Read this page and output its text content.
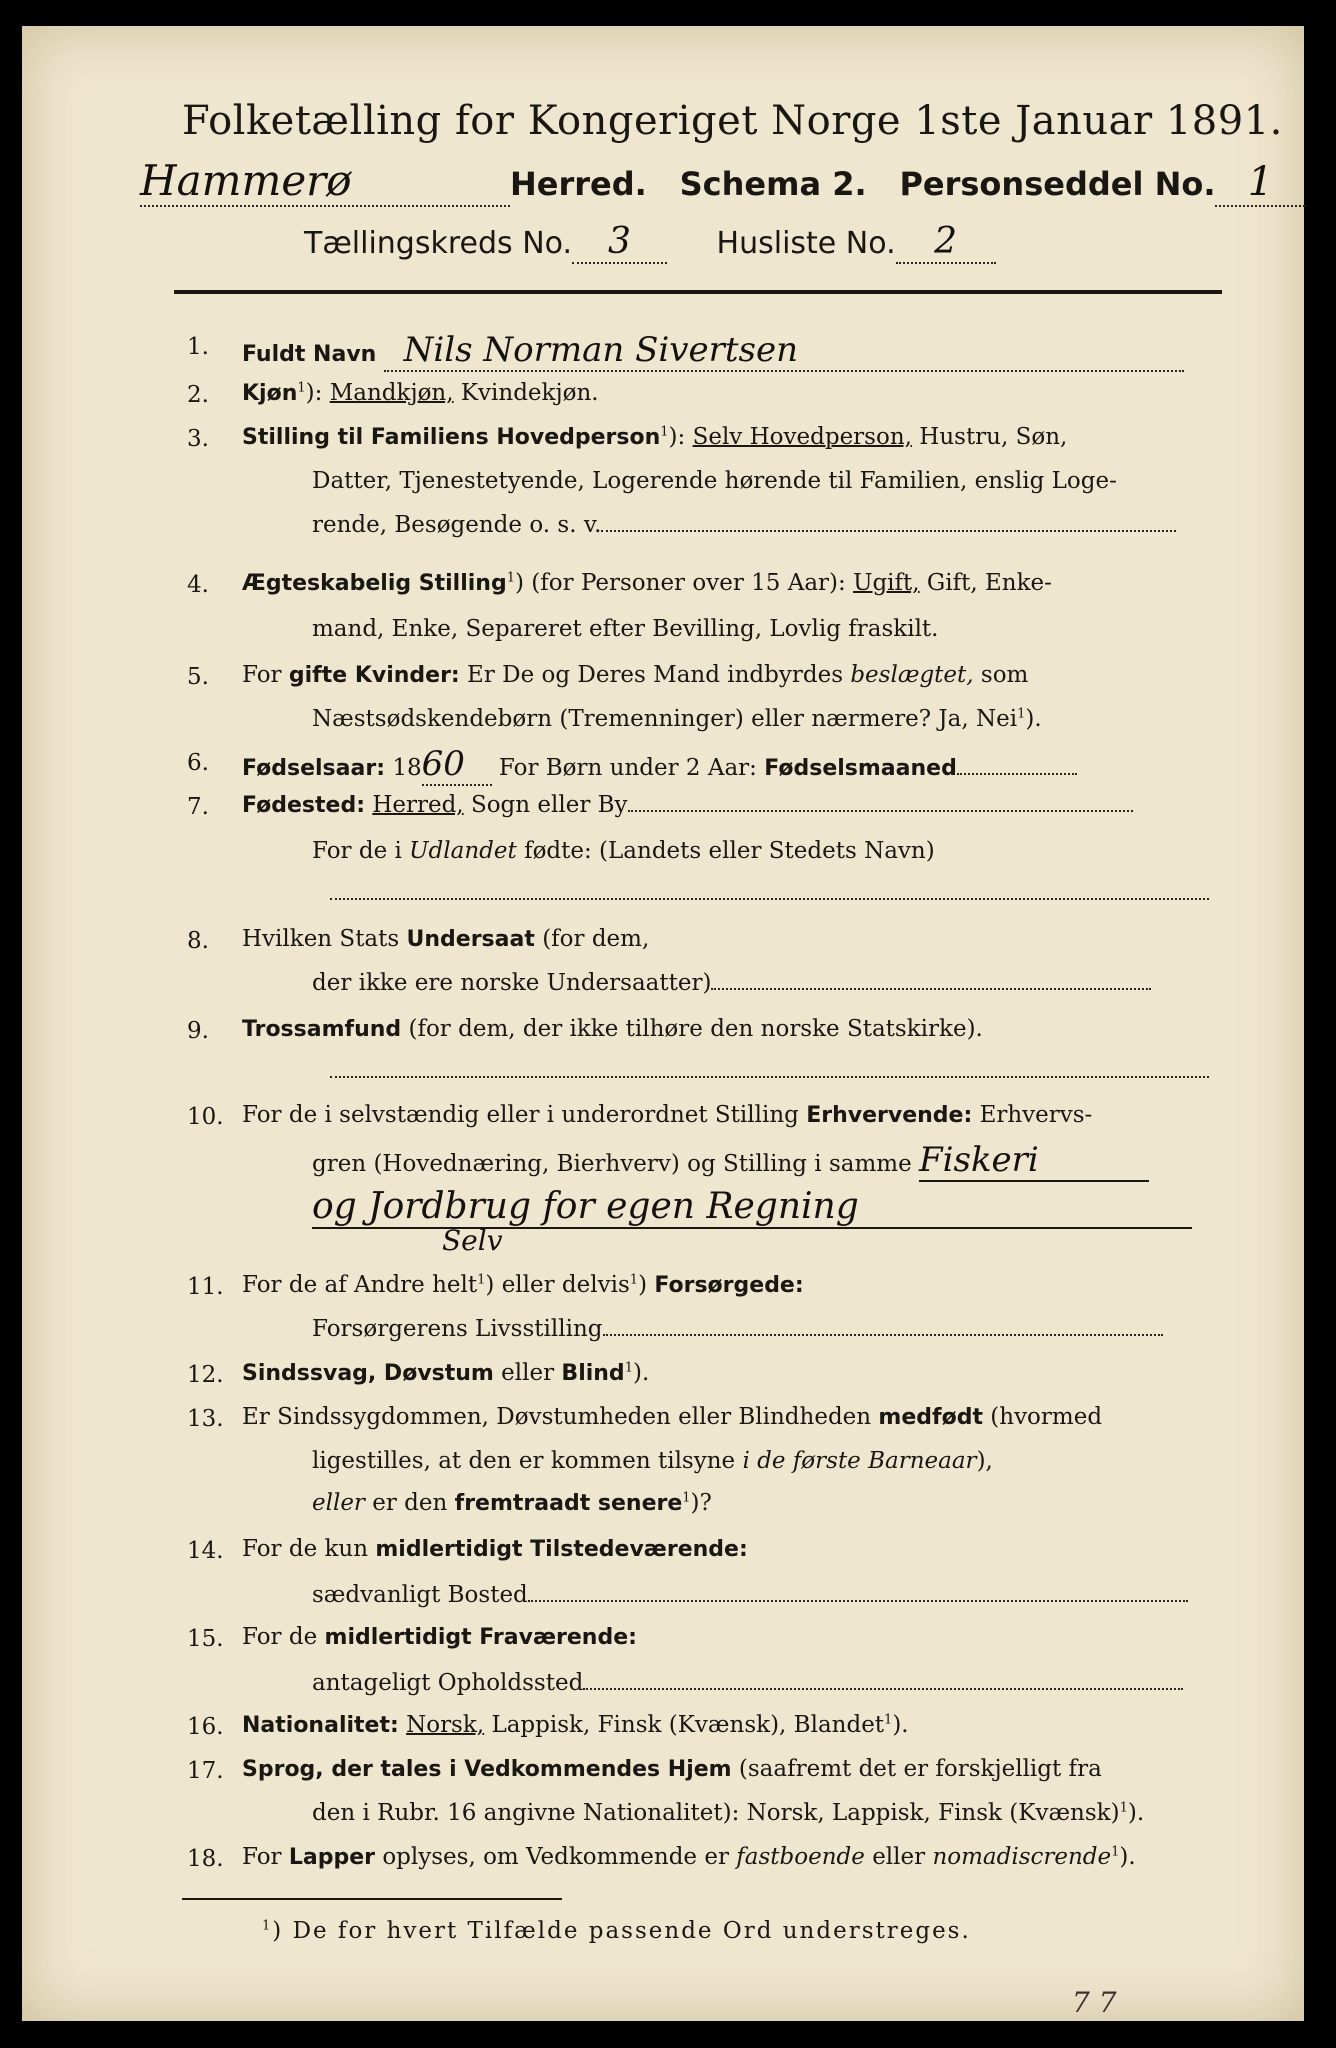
Folketælling for Kongeriget Norge 1ste Januar 1891.
Hammerø	Herred. Schema 2. Personseddel No. 1
Tællingskreds No. 3	Husliste No. 2
1. Fuldt Navn Nils Norman Sivertsen
2. Kjøn$^1$): Mandkjøn, Kvindekjøn.
3. Stilling til Familiens Hovedperson$^1$): Selv Hovedperson, Hustru, Søn,
Datter, Tjenestetyende, Logerende hørende til Familien, enslig Loge-
rende, Besøgende o. s. v.
4. Ægteskabelig Stilling$^1$) (for Personer over 15 Aar): Ugift, Gift, Enke-
mand, Enke, Separeret efter Bevilling, Lovlig fraskilt.
5. For gifte Kvinder: Er De og Deres Mand indbyrdes beslægtet, som
Næstsødskendebørn (Tremenninger) eller nærmere? Ja, Nei$^1$).
6. Fødselsaar: 1860 For Børn under 2 Aar: Fødselsmaaned
7. Fødested: Herred, Sogn eller By
For de i Udlandet fødte: (Landets eller Stedets Navn)
8. Hvilken Stats Undersaat (for dem,
der ikke ere norske Undersaatter)
9. Trossamfund (for dem, der ikke tilhøre den norske Statskirke).
10. For de i selvstændig eller i underordnet Stilling Erhvervende: Erhvervs-
gren (Hovednæring, Bierhverv) og Stilling i samme Fiskeri
og Jordbrug for egen Regning
Selv
11. For de af Andre helt$^1$) eller delvis$^1$) Forsørgede:
Forsørgerens Livsstilling
12. Sindssvag, Døvstum eller Blind$^1$).
13. Er Sindssygdommen, Døvstumheden eller Blindheden medfødt (hvormed
ligestilles, at den er kommen tilsyne i de første Barneaar),
eller er den fremtraadt senere$^1$)?
14. For de kun midlertidigt Tilstedeværende:
sædvanligt Bosted
15. For de midlertidigt Fraværende:
antageligt Opholdssted
16. Nationalitet: Norsk, Lappisk, Finsk (Kvænsk), Blandet$^1$).
17. Sprog, der tales i Vedkommendes Hjem (saafremt det er forskjelligt fra
den i Rubr. 16 angivne Nationalitet): Norsk, Lappisk, Finsk (Kvænsk)$^1$).
18. For Lapper oplyses, om Vedkommende er fastboende eller nomadiscrende$^1$).
$^1$) De for hvert Tilfælde passende Ord understreges.
7 7
